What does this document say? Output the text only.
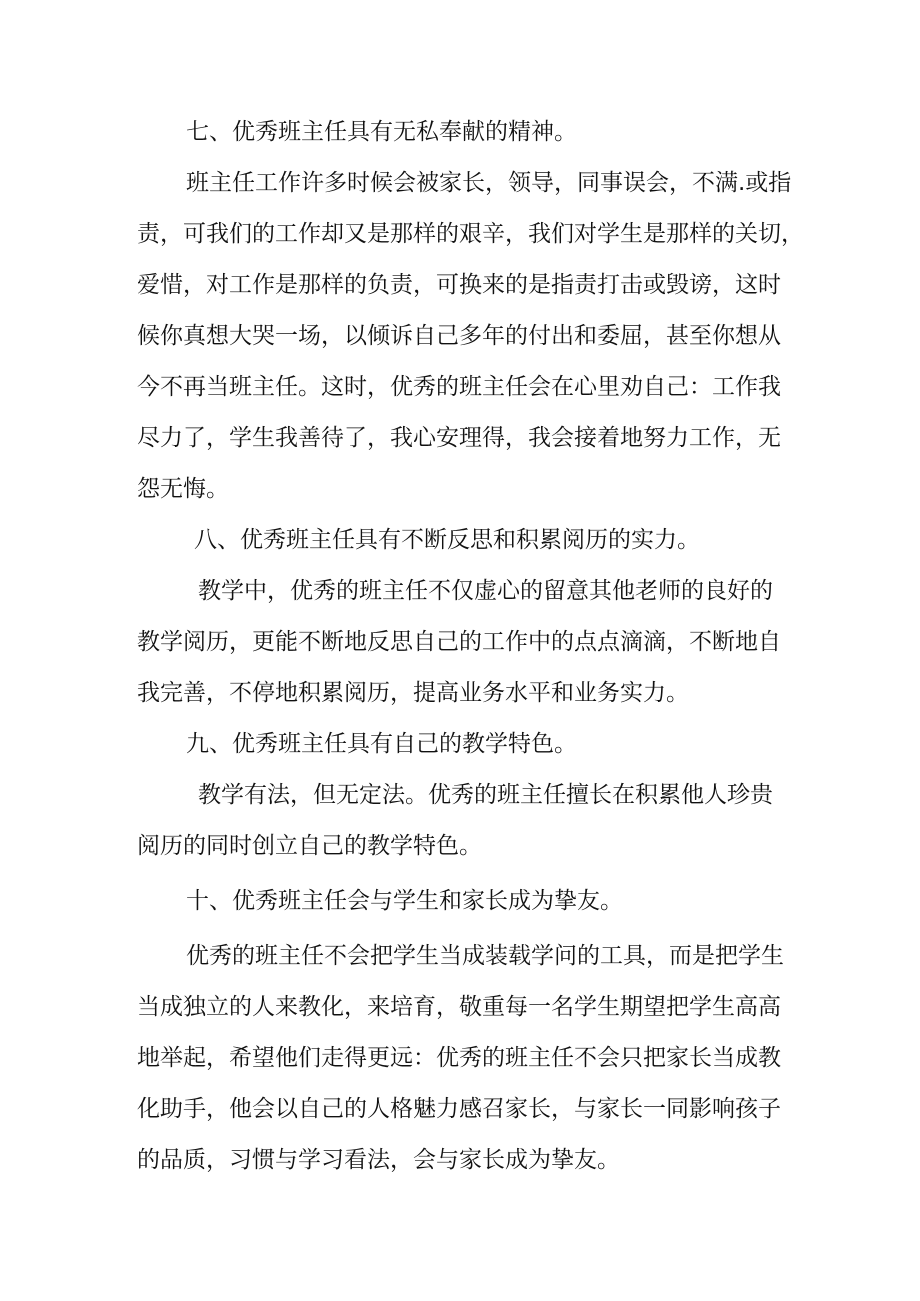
七、优秀班主任具有无私奉献的精神。
班主任工作许多时候会被家长，领导，同事误会，不满.或指
责，可我们的工作却又是那样的艰辛，我们对学生是那样的关切，
爱惜，对工作是那样的负责，可换来的是指责打击或毁谤，这时
候你真想大哭一场，以倾诉自己多年的付出和委屈，甚至你想从
今不再当班主任。这时，优秀的班主任会在心里劝自己：工作我
尽力了，学生我善待了，我心安理得，我会接着地努力工作，无
怨无悔。
八、优秀班主任具有不断反思和积累阅历的实力。
教学中，优秀的班主任不仅虚心的留意其他老师的良好的
教学阅历，更能不断地反思自己的工作中的点点滴滴，不断地自
我完善，不停地积累阅历，提高业务水平和业务实力。
九、优秀班主任具有自己的教学特色。
教学有法，但无定法。优秀的班主任擅长在积累他人珍贵
阅历的同时创立自己的教学特色。
十、优秀班主任会与学生和家长成为挚友。
优秀的班主任不会把学生当成装载学问的工具，而是把学生
当成独立的人来教化，来培育，敬重每一名学生期望把学生高高
地举起，希望他们走得更远：优秀的班主任不会只把家长当成教
化助手，他会以自己的人格魅力感召家长，与家长一同影响孩子
的品质，习惯与学习看法，会与家长成为挚友。
